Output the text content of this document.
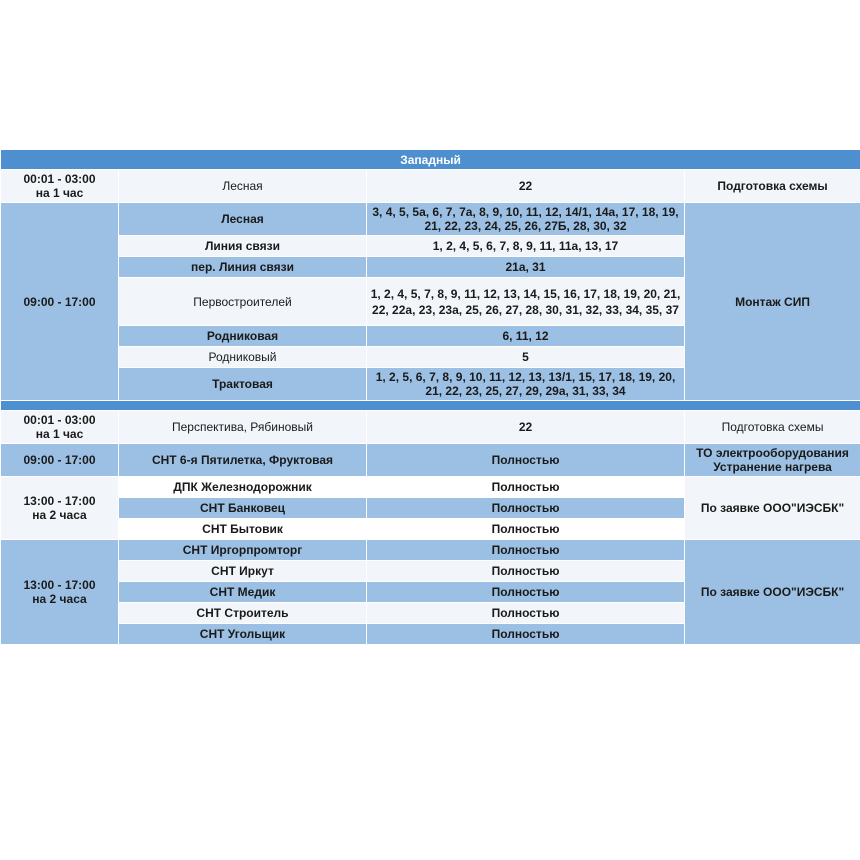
Западный			
00:01 - 03:00
на 1 час	Лесная	22	Подготовка схемы
09:00 - 17:00	Лесная	3, 4, 5, 5а, 6, 7, 7а, 8, 9, 10, 11, 12, 14/1, 14а, 17, 18, 19, 21, 22, 23, 24, 25, 26, 27Б, 28, 30, 32	Монтаж СИП
	Линия связи	1, 2, 4, 5, 6, 7, 8, 9, 11, 11а, 13, 17	
	пер. Линия связи	21а, 31	
	Первостроителей	1, 2, 4, 5, 7, 8, 9, 11, 12, 13, 14, 15, 16, 17, 18, 19, 20, 21, 22, 22а, 23, 23а, 25, 26, 27, 28, 30, 31, 32, 33, 34, 35, 37	
	Родниковая	6, 11, 12	
	Родниковый	5	
	Трактовая	1, 2, 5, 6, 7, 8, 9, 10, 11, 12, 13, 13/1, 15, 17, 18, 19, 20, 21, 22, 23, 25, 27, 29, 29а, 31, 33, 34	

00:01 - 03:00
на 1 час	Перспектива, Рябиновый	22	Подготовка схемы
09:00 - 17:00	СНТ 6-я Пятилетка, Фруктовая	Полностью	ТО электрооборудования
Устранение нагрева
13:00 - 17:00
на 2 часа	ДПК Железнодорожник	Полностью	По заявке ООО"ИЭСБК"
	СНТ Банковец	Полностью	
	СНТ Бытовик	Полностью	
13:00 - 17:00
на 2 часа	СНТ Иргорпромторг	Полностью	По заявке ООО"ИЭСБК"
	СНТ Иркут	Полностью	
	СНТ Медик	Полностью	
	СНТ Строитель	Полностью	
	СНТ Угольщик	Полностью	
